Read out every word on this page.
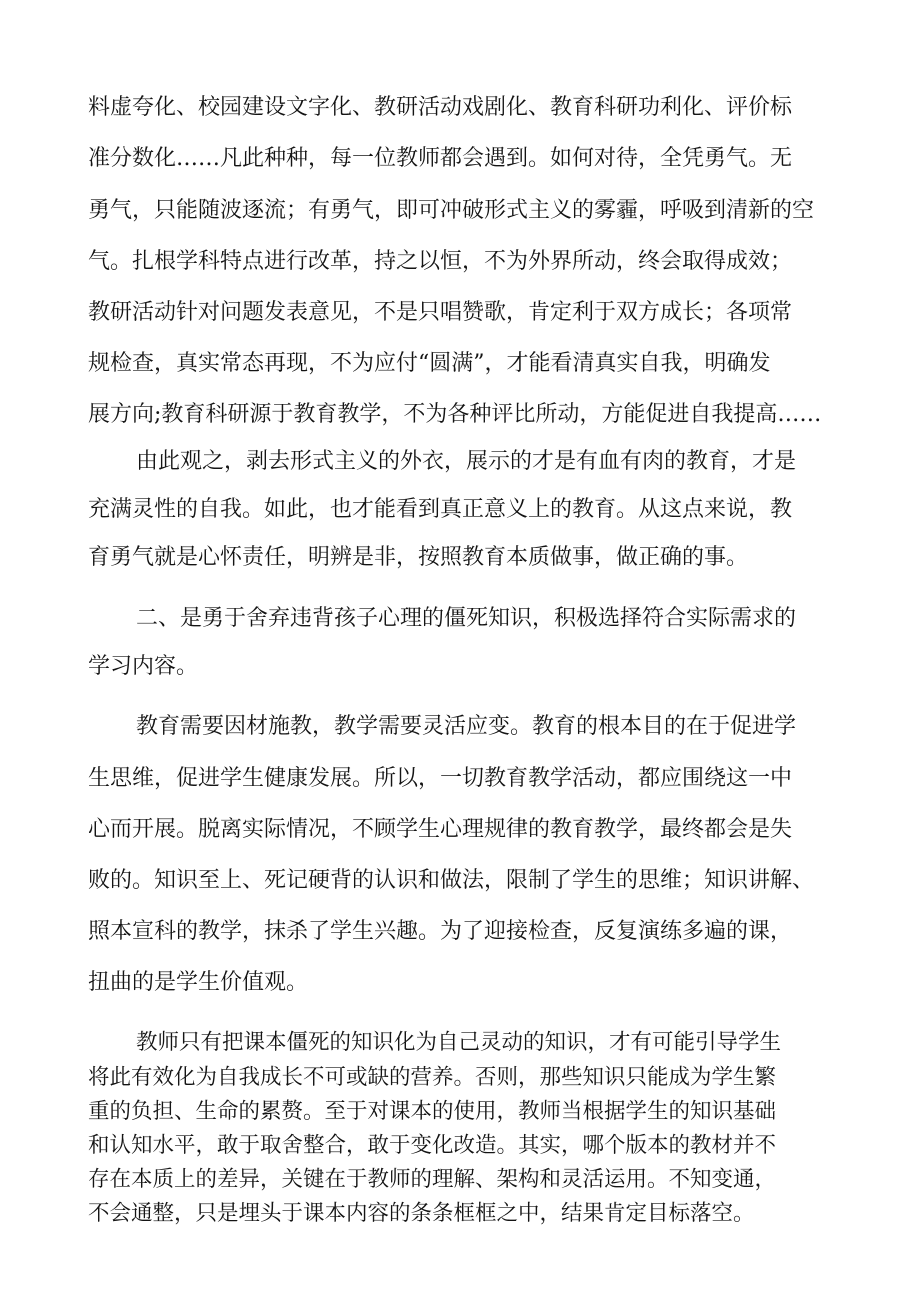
料虚夸化、校园建设文字化、教研活动戏剧化、教育科研功利化、评价标

准分数化……凡此种种，每一位教师都会遇到。如何对待，全凭勇气。无

勇气，只能随波逐流；有勇气，即可冲破形式主义的雾霾，呼吸到清新的空

气。扎根学科特点进行改革，持之以恒，不为外界所动，终会取得成效；

教研活动针对问题发表意见，不是只唱赞歌，肯定利于双方成长；各项常

规检查，真实常态再现，不为应付“圆满”，才能看清真实自我，明确发

展方向;教育科研源于教育教学，不为各种评比所动，方能促进自我提高……

由此观之，剥去形式主义的外衣，展示的才是有血有肉的教育，才是

充满灵性的自我。如此，也才能看到真正意义上的教育。从这点来说，教

育勇气就是心怀责任，明辨是非，按照教育本质做事，做正确的事。

二、是勇于舍弃违背孩子心理的僵死知识，积极选择符合实际需求的

学习内容。

教育需要因材施教，教学需要灵活应变。教育的根本目的在于促进学

生思维，促进学生健康发展。所以，一切教育教学活动，都应围绕这一中

心而开展。脱离实际情况，不顾学生心理规律的教育教学，最终都会是失

败的。知识至上、死记硬背的认识和做法，限制了学生的思维；知识讲解、

照本宣科的教学，抹杀了学生兴趣。为了迎接检查，反复演练多遍的课，

扭曲的是学生价值观。

教师只有把课本僵死的知识化为自己灵动的知识，才有可能引导学生

将此有效化为自我成长不可或缺的营养。否则，那些知识只能成为学生繁

重的负担、生命的累赘。至于对课本的使用，教师当根据学生的知识基础

和认知水平，敢于取舍整合，敢于变化改造。其实，哪个版本的教材并不

存在本质上的差异，关键在于教师的理解、架构和灵活运用。不知变通，

不会通整，只是埋头于课本内容的条条框框之中，结果肯定目标落空。
